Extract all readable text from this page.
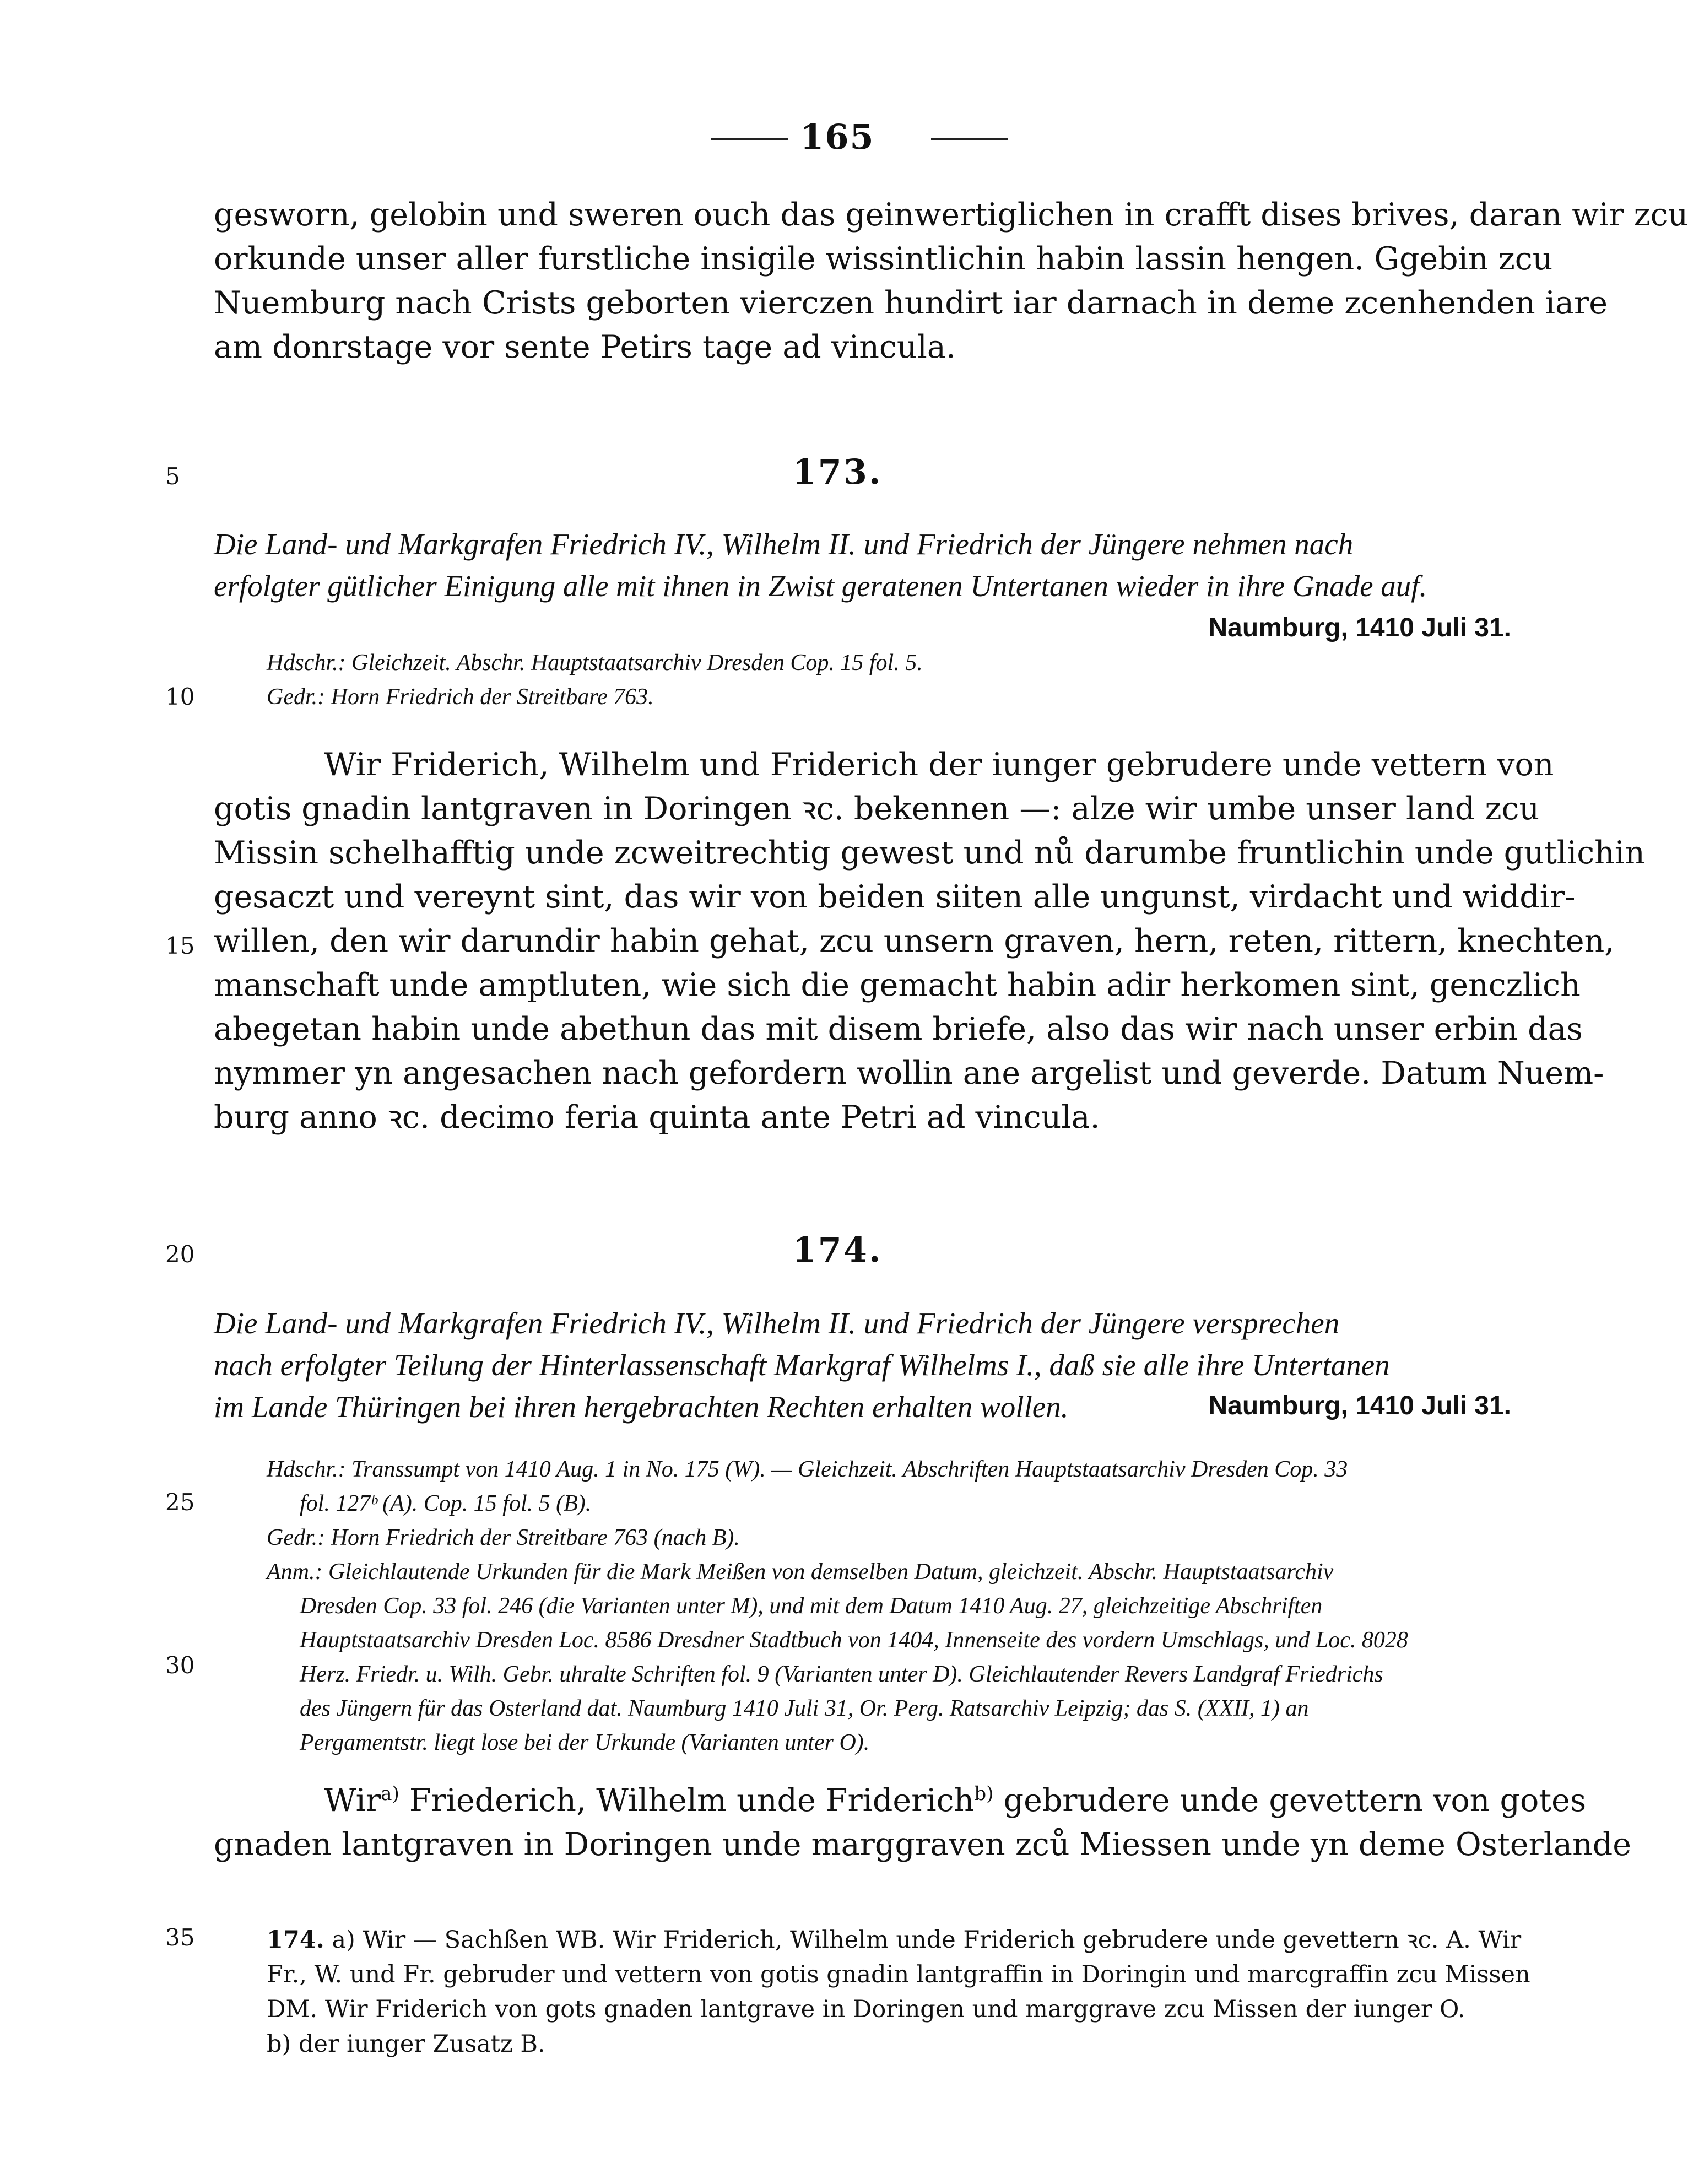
165
gesworn, gelobin und sweren ouch das geinwertiglichen in crafft dises brives, daran wir zcu
orkunde unser aller furstliche insigile wissintlichin habin lassin hengen. Ggebin zcu
Nuemburg nach Crists geborten vierczen hundirt iar darnach in deme zcenhenden iare
am donrstage vor sente Petirs tage ad vincula.
5
10
15
20
25
30
35
173.
Die Land- und Markgrafen Friedrich IV., Wilhelm II. und Friedrich der Jüngere nehmen nach
erfolgter gütlicher Einigung alle mit ihnen in Zwist geratenen Untertanen wieder in ihre Gnade auf.
Naumburg, 1410 Juli 31.
Hdschr.: Gleichzeit. Abschr. Hauptstaatsarchiv Dresden Cop. 15 fol. 5.
Gedr.: Horn Friedrich der Streitbare 763.
Wir Friderich, Wilhelm und Friderich der iunger gebrudere unde vettern von
gotis gnadin lantgraven in Doringen ꝛc. bekennen —: alze wir umbe unser land zcu
Missin schelhafftig unde zcweitrechtig gewest und nů darumbe fruntlichin unde gutlichin
gesaczt und vereynt sint, das wir von beiden siiten alle ungunst, virdacht und widdir-
willen, den wir darundir habin gehat, zcu unsern graven, hern, reten, rittern, knechten,
manschaft unde amptluten, wie sich die gemacht habin adir herkomen sint, genczlich
abegetan habin unde abethun das mit disem briefe, also das wir nach unser erbin das
nymmer yn angesachen nach gefordern wollin ane argelist und geverde. Datum Nuem-
burg anno ꝛc. decimo feria quinta ante Petri ad vincula.
174.
Die Land- und Markgrafen Friedrich IV., Wilhelm II. und Friedrich der Jüngere versprechen
nach erfolgter Teilung der Hinterlassenschaft Markgraf Wilhelms I., daß sie alle ihre Untertanen
im Lande Thüringen bei ihren hergebrachten Rechten erhalten wollen.	Naumburg, 1410 Juli 31.
Hdschr.: Transsumpt von 1410 Aug. 1 in No. 175 (W). — Gleichzeit. Abschriften Hauptstaatsarchiv Dresden Cop. 33
fol. 127ᵇ (A). Cop. 15 fol. 5 (B).
Gedr.: Horn Friedrich der Streitbare 763 (nach B).
Anm.: Gleichlautende Urkunden für die Mark Meißen von demselben Datum, gleichzeit. Abschr. Hauptstaatsarchiv
Dresden Cop. 33 fol. 246 (die Varianten unter M), und mit dem Datum 1410 Aug. 27, gleichzeitige Abschriften
Hauptstaatsarchiv Dresden Loc. 8586 Dresdner Stadtbuch von 1404, Innenseite des vordern Umschlags, und Loc. 8028
Herz. Friedr. u. Wilh. Gebr. uhralte Schriften fol. 9 (Varianten unter D). Gleichlautender Revers Landgraf Friedrichs
des Jüngern für das Osterland dat. Naumburg 1410 Juli 31, Or. Perg. Ratsarchiv Leipzig; das S. (XXII, 1) an
Pergamentstr. liegt lose bei der Urkunde (Varianten unter O).
Wir$^{a)}$ Friederich, Wilhelm unde Friderich$^{b)}$ gebrudere unde gevettern von gotes
gnaden lantgraven in Doringen unde marggraven zců Miessen unde yn deme Osterlande
174. a) Wir — Sachßen WB. Wir Friderich, Wilhelm unde Friderich gebrudere unde gevettern ꝛc. A. Wir
Fr., W. und Fr. gebruder und vettern von gotis gnadin lantgraffin in Doringin und marcgraffin zcu Missen
DM. Wir Friderich von gots gnaden lantgrave in Doringen und marggrave zcu Missen der iunger O.
b) der iunger Zusatz B.
